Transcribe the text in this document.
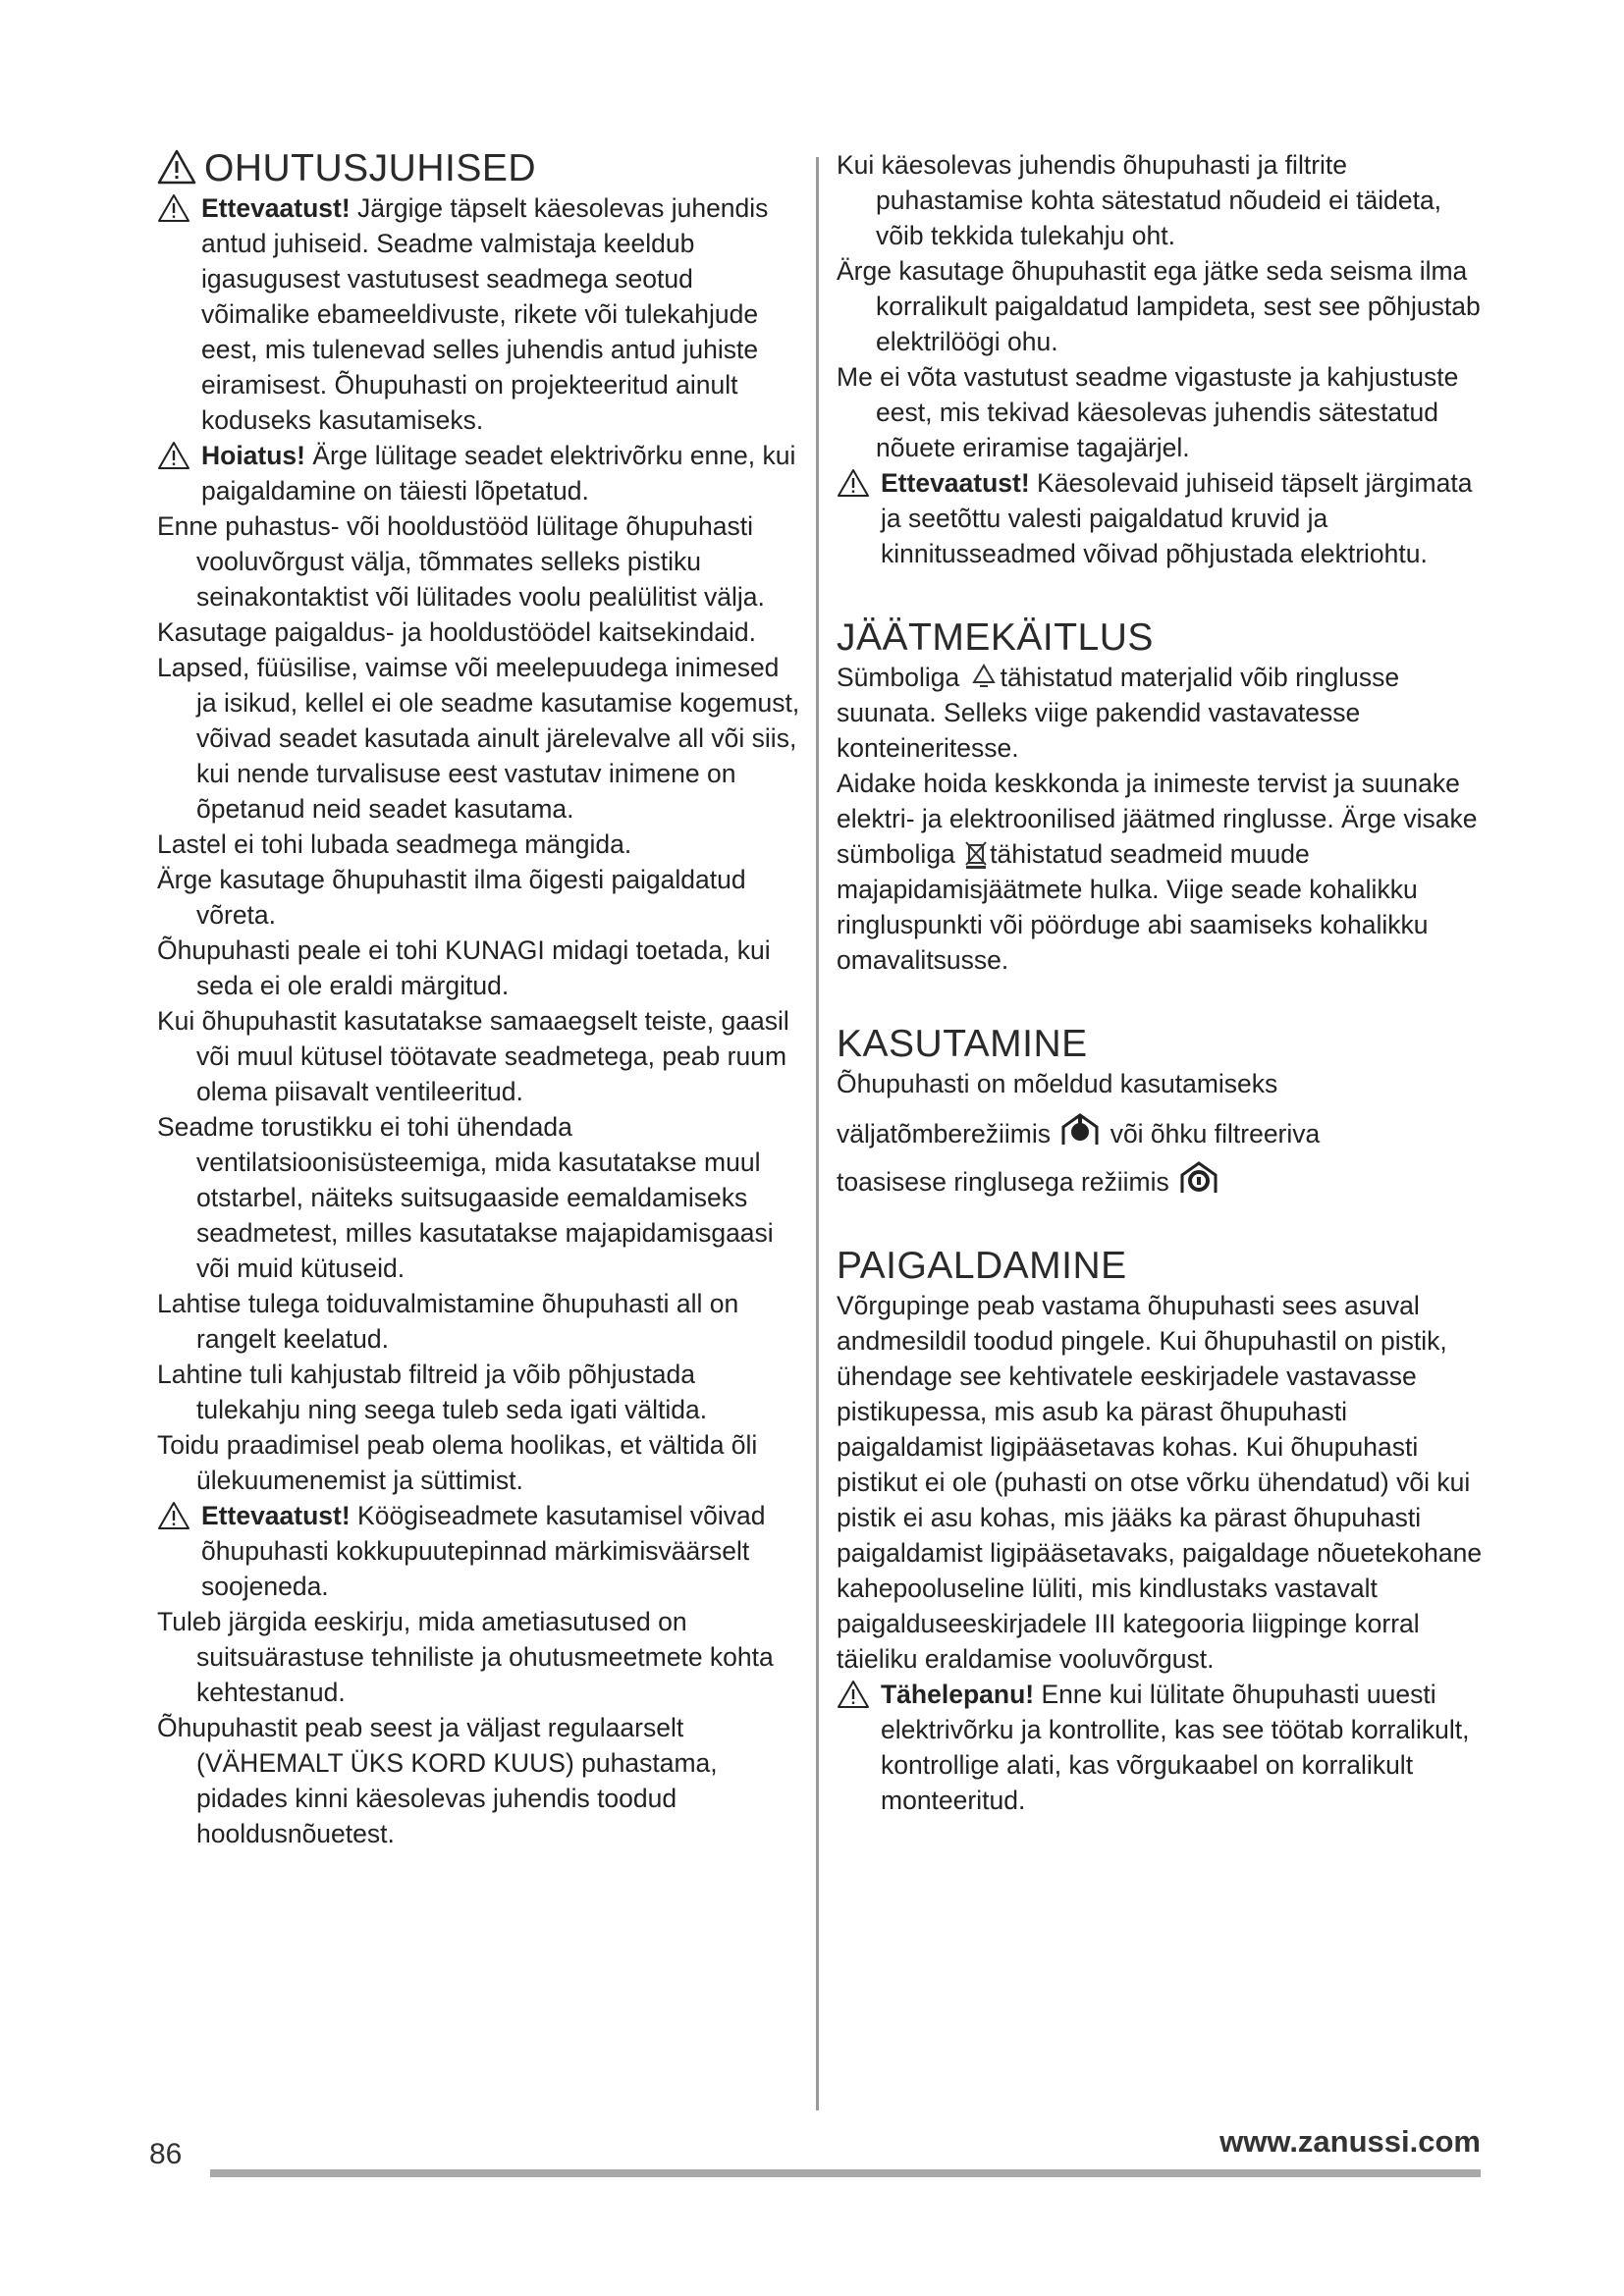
OHUTUSJUHISED
Ettevaatust! Järgige täpselt käesolevas juhendis antud juhiseid. Seadme valmistaja keeldub igasugusest vastutusest seadmega seotud võimalike ebameeldivuste, rikete või tulekahjude eest, mis tulenevad selles juhendis antud juhiste eiramisest. Õhupuhasti on projekteeritud ainult koduseks kasutamiseks.
Hoiatus! Ärge lülitage seadet elektrivõrku enne, kui paigaldamine on täiesti lõpetatud.

Enne puhastus- või hooldustööd lülitage õhupuhasti vooluvõrgust välja, tõmmates selleks pistiku seinakontaktist või lülitades voolu pealülitist välja.

Kasutage paigaldus- ja hooldustöödel kaitsekindaid.

Lapsed, füüsilise, vaimse või meelepuudega inimesed ja isikud, kellel ei ole seadme kasutamise kogemust, võivad seadet kasutada ainult järelevalve all või siis, kui nende turvalisuse eest vastutav inimene on õpetanud neid seadet kasutama.

Lastel ei tohi lubada seadmega mängida.

Ärge kasutage õhupuhastit ilma õigesti paigaldatud võreta.

Õhupuhasti peale ei tohi KUNAGI midagi toetada, kui seda ei ole eraldi märgitud.

Kui õhupuhastit kasutatakse samaaegselt teiste, gaasil või muul kütusel töötavate seadmetega, peab ruum olema piisavalt ventileeritud.

Seadme torustikku ei tohi ühendada ventilatsioonisüsteemiga, mida kasutatakse muul otstarbel, näiteks suitsugaaside eemaldamiseks seadmetest, milles kasutatakse majapidamisgaasi või muid kütuseid.

Lahtise tulega toiduvalmistamine õhupuhasti all on rangelt keelatud.

Lahtine tuli kahjustab filtreid ja võib põhjustada tulekahju ning seega tuleb seda igati vältida.

Toidu praadimisel peab olema hoolikas, et vältida õli ülekuumenemist ja süttimist.

Ettevaatust! Köögiseadmete kasutamisel võivad õhupuhasti kokkupuutepinnad märkimisväärselt soojeneda.

Tuleb järgida eeskirju, mida ametiasutused on suitsuärastuse tehniliste ja ohutusmeetmete kohta kehtestanud.

Õhupuhastit peab seest ja väljast regulaarselt (VÄHEMALT ÜKS KORD KUUS) puhastama, pidades kinni käesolevas juhendis toodud hooldusnõuetest.

Kui käesolevas juhendis õhupuhasti ja filtrite puhastamise kohta sätestatud nõudeid ei täideta, võib tekkida tulekahju oht.

Ärge kasutage õhupuhastit ega jätke seda seisma ilma korralikult paigaldatud lampideta, sest see põhjustab elektrilöögi ohu.

Me ei võta vastutust seadme vigastuste ja kahjustuste eest, mis tekivad käesolevas juhendis sätestatud nõuete eriramise tagajärjel.

Ettevaatust! Käesolevaid juhiseid täpselt järgimata ja seetõttu valesti paigaldatud kruvid ja kinnitusseadmed võivad põhjustada elektriohtu.
JÄÄTMEKÄITLUS

Sümboliga tähistatud materjalid võib ringlusse suunata. Selleks viige pakendid vastavatesse konteineritesse.

Aidake hoida keskkonda ja inimeste tervist ja suunake elektri- ja elektroonilised jäätmed ringlusse. Ärge visake sümboliga tähistatud seadmeid muude majapidamisjäätmete hulka. Viige seade kohalikku ringluspunkti või pöörduge abi saamiseks kohalikku omavalitsusse.

KASUTAMINE

Õhupuhasti on mõeldud kasutamiseks

väljatõmberežiimis  või õhku filtreeriva

toasisese ringlusega režiimis

PAIGALDAMINE

Võrgupinge peab vastama õhupuhasti sees asuval andmesildil toodud pingele. Kui õhupuhastil on pistik, ühendage see kehtivatele eeskirjadele vastavasse pistikupessa, mis asub ka pärast õhupuhasti paigaldamist ligipääsetavas kohas. Kui õhupuhasti pistikut ei ole (puhasti on otse võrku ühendatud) või kui pistik ei asu kohas, mis jääks ka pärast õhupuhasti paigaldamist ligipääsetavaks, paigaldage nõuetekohane kahepooluseline lüliti, mis kindlustaks vastavalt paigalduseeskirjadele III kategooria liigpinge korral täieliku eraldamise vooluvõrgust.

Tähelepanu! Enne kui lülitate õhupuhasti uuesti elektrivõrku ja kontrollite, kas see töötab korralikult, kontrollige alati, kas võrgukaabel on korralikult monteeritud.
86	www.zanussi.com
